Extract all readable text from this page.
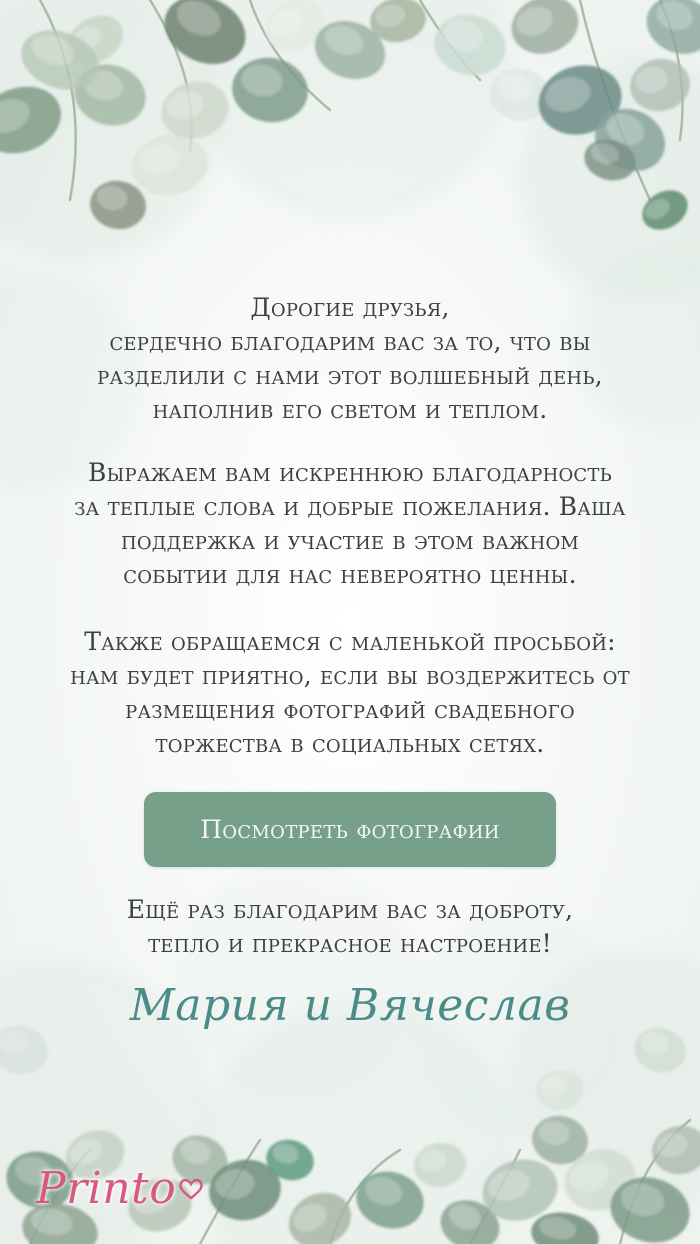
Дорогие друзья,
сердечно благодарим вас за то, что вы
разделили с нами этот волшебный день,
наполнив его светом и теплом.
Выражаем вам искреннюю благодарность
за теплые слова и добрые пожелания. Ваша
поддержка и участие в этом важном
событии для нас невероятно ценны.
Также обращаемся с маленькой просьбой:
нам будет приятно, если вы воздержитесь от
размещения фотографий свадебного
торжества в социальных сетях.
Посмотреть фотографии
Ещё раз благодарим вас за доброту,
тепло и прекрасное настроение!
Мария и Вячеслав
Printo
